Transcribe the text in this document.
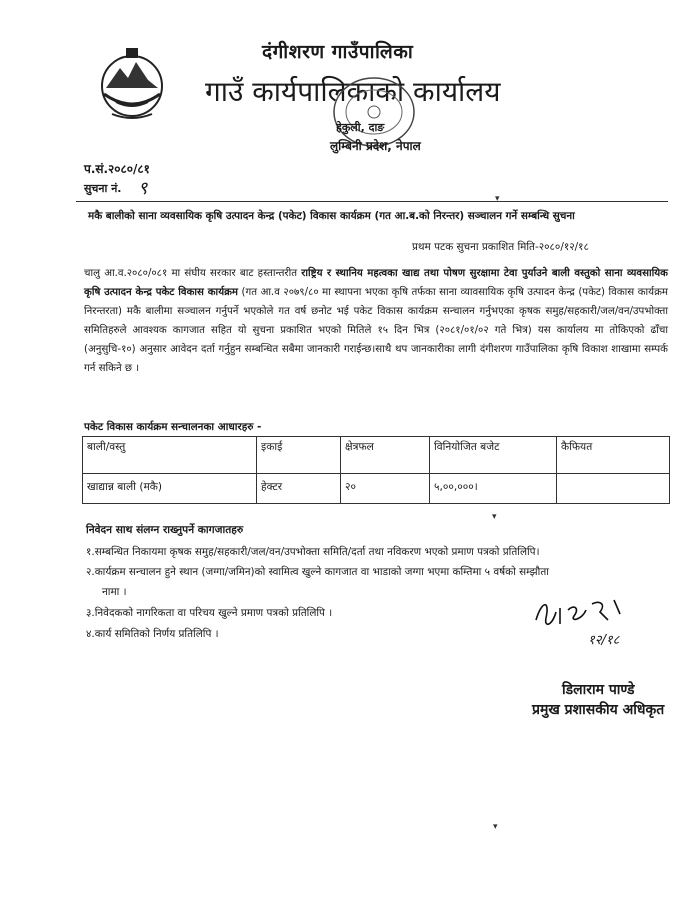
दंगीशरण गाउँपालिका
गाउँ कार्यपालिकाको कार्यालय
हेकुली, दाङ
लुम्बिनी प्रदेश, नेपाल
प.सं.२०८०/८१
सुचना नं. ९	▾
मकै बालीको साना व्यवसायिक कृषि उत्पादन केन्द्र (पकेट) विकास कार्यक्रम (गत आ.ब.को निरन्तर) सञ्चालन गर्ने सम्बन्धि सुचना
प्रथम पटक सुचना प्रकाशित मिति-२०८०/१२/१८
चालु आ.व.२०८०/०८१ मा संघीय सरकार बाट हस्तान्तरीत राष्ट्रिय र स्थानिय महत्वका खाद्य तथा पोषण सुरक्षामा टेवा पुर्याउने बाली वस्तुको साना व्यवसायिक कृषि उत्पादन केन्द्र पकेट विकास कार्यक्रम (गत आ.व २०७९/८० मा स्थापना भएका कृषि तर्फका साना व्यावसायिक कृषि उत्पादन केन्द्र (पकेट) विकास कार्यक्रम निरन्तरता) मकै बालीमा सञ्चालन गर्नुपर्ने भएकोले गत वर्ष छनोट भई पकेट विकास कार्यक्रम सन्चालन गर्नुभएका कृषक समुह/सहकारी/जल/वन/उपभोक्ता समितिहरुले आवश्यक कागजात सहित यो सुचना प्रकाशित भएको मितिले १५ दिन भित्र (२०८१/०१/०२ गते भित्र) यस कार्यालय मा तोकिएको ढाँचा (अनुसुचि-१०) अनुसार आवेदन दर्ता गर्नुहुन सम्बन्धित सबैमा जानकारी गराईन्छ।साथै थप जानकारीका लागी दंगीशरण गाउँपालिका कृषि विकाश शाखामा सम्पर्क गर्न सकिने छ ।
पकेट विकास कार्यक्रम सन्चालनका आधारहरु -
बाली/वस्तु	इकाई	क्षेत्रफल	विनियोजित बजेट	कैफियत
खाद्यान्न बाली (मकै)	हेक्टर	२०	५,००,०००।	
▾
निवेदन साथ संलग्न राख्नुपर्ने कागजातहरु
१.सम्बन्धित निकायमा कृषक समुह/सहकारी/जल/वन/उपभोक्ता समिति/दर्ता तथा नविकरण भएको प्रमाण पत्रको प्रतिलिपि।
२.कार्यक्रम सन्चालन हुने स्थान (जग्गा/जमिन)को स्वामित्व खुल्ने कागजात वा भाडाको जग्गा भएमा कम्तिमा ५ वर्षको सम्झौता
नामा ।
३.निवेदकको नागरिकता वा परिचय खुल्ने प्रमाण पत्रको प्रतिलिपि ।
४.कार्य समितिको निर्णय प्रतिलिपि ।	१२/१८
डिलाराम पाण्डे
प्रमुख प्रशासकीय अधिकृत
▾
